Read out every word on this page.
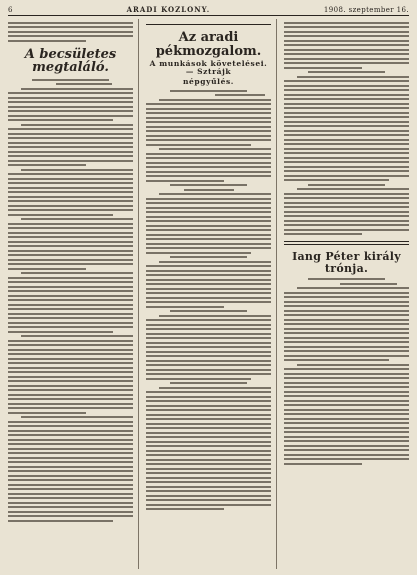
6	ARADI KOZLONY.	1908. szeptember 16.
A becsületes megtaláló.
Az aradi pékmozgalom.
A munkások követelései. — Sztrájk
népgyűlés.
Iang Péter király trónja.
